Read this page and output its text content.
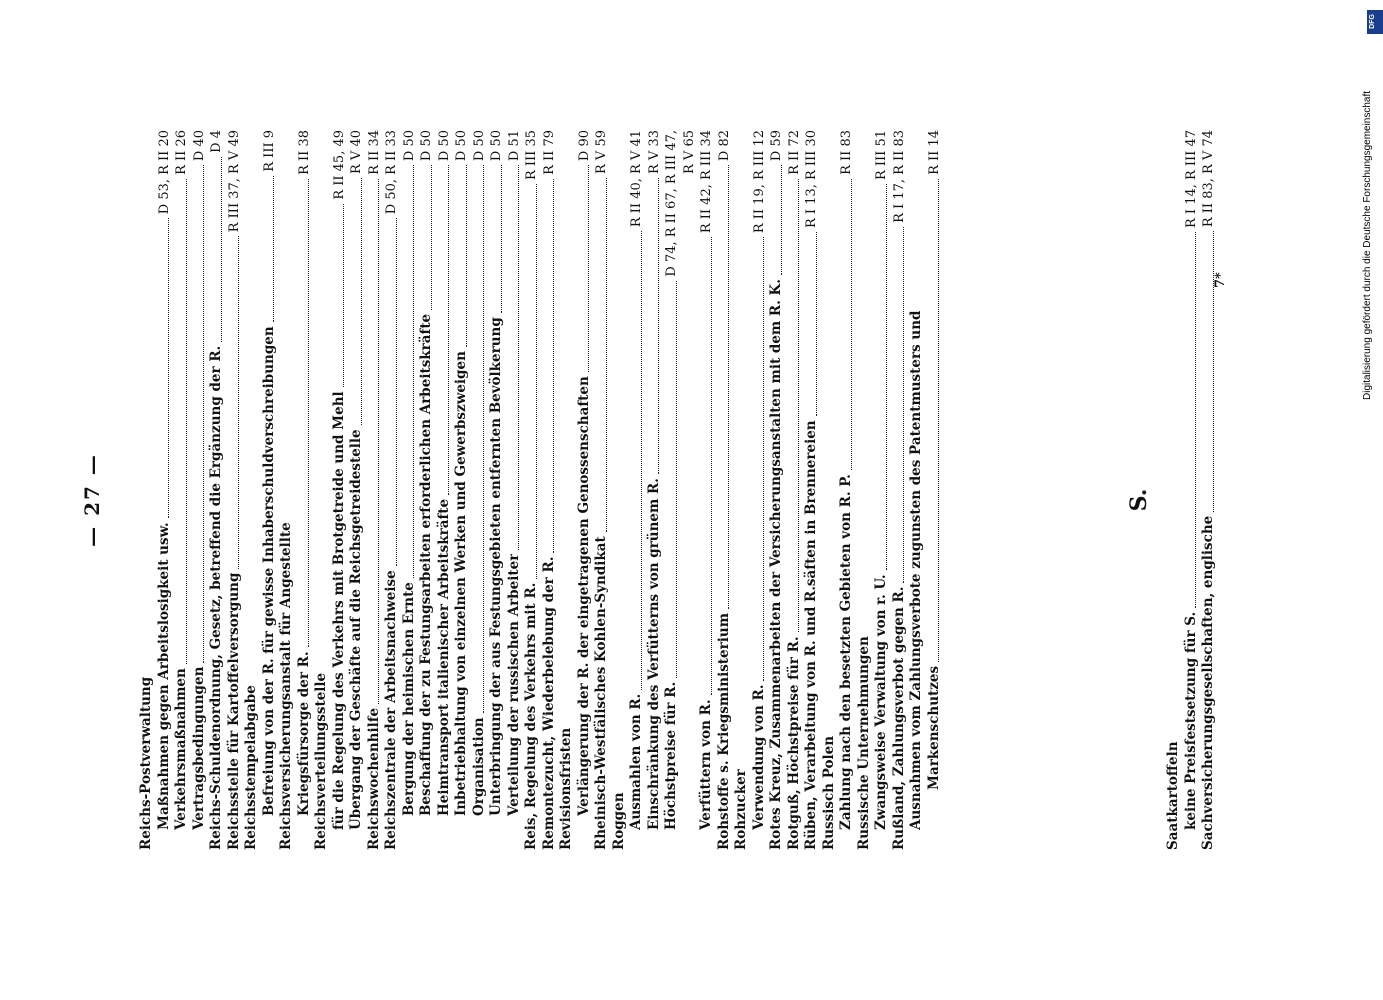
— 27 —
Reichs-Postverwaltung Maßnahmen gegen Arbeitslosigkeit usw.
D 53, R II 20
Verkehrsmaßnahmen
R II 26
Vertragsbedingungen
D 40
Reichs-Schuldenordnung, Gesetz, betreffend die Ergänzung der R.
D 4
Reichsstelle für Kartoffelversorgung
R III 37, R V 49
Reichsstempelabgabe Befreiung von der R. für gewisse Inhaberschuldverschreibungen
R III 9
Reichsversicherungsanstalt für Angestellte Kriegsfürsorge der R.
R II 38
Reichsverteilungsstelle für die Regelung des Verkehrs mit Brotgetreide und Mehl
R II 45, 49
Übergang der Geschäfte auf die Reichsgetreidestelle
R V 40
Reichswochenhilfe
R II 34
Reichszentrale der Arbeitsnachweise
D 50, R II 33
Bergung der heimischen Ernte
D 50
Beschaffung der zu Festungsarbeiten erforderlichen Arbeitskräfte
D 50
Heimtransport italienischer Arbeitskräfte
D 50
Inbetriebhaltung von einzelnen Werken und Gewerbszweigen
D 50
Organisation
D 50
Unterbringung der aus Festungsgebieten entfernten Bevölkerung
D 50
Verteilung der russischen Arbeiter
D 51
Reis, Regelung des Verkehrs mit R.
R III 35
Remontezucht, Wiederbelebung der R.
R II 79
Revisionsfristen Verlängerung der R. der eingetragenen Genossenschaften
D 90
Rheinisch-Westfälisches Kohlen-Syndikat
R V 59
Roggen Ausmahlen von R.
R II 40, R V 41
Einschränkung des Verfütterns von grünem R.
R V 33
Höchstpreise für R.
D 74, R II 67, R III 47, R V 65
Verfüttern von R.
R II 42, R III 34
Rohstoffe s. Kriegsministerium
D 82
Rohzucker Verwendung von R.
R II 19, R III 12
Rotes Kreuz, Zusammenarbeiten der Versicherungsanstalten mit dem R. K.
D 59
Rotguß, Höchstpreise für R.
R II 72
Rüben, Verarbeitung von R. und R.säften in Brennereien
R I 13, R III 30
Russisch Polen Zahlung nach den besetzten Gebieten von R. P.
R II 83
Russische Unternehmungen Zwangsweise Verwaltung von r. U.
R III 51
Rußland, Zahlungsverbot gegen R.
R I 17, R II 83
Ausnahmen vom Zahlungsverbote zugunsten des Patentmusters und Markenschutzes
R II 14
S.
Saatkartoffeln keine Preisfestsetzung für S.
R I 14, R III 47
Sachversicherungsgesellschaften, englische
R II 83, R V 74
7*	Digitalisierung gefördert durch die Deutsche Forschungsgemeinschaft
DFG
